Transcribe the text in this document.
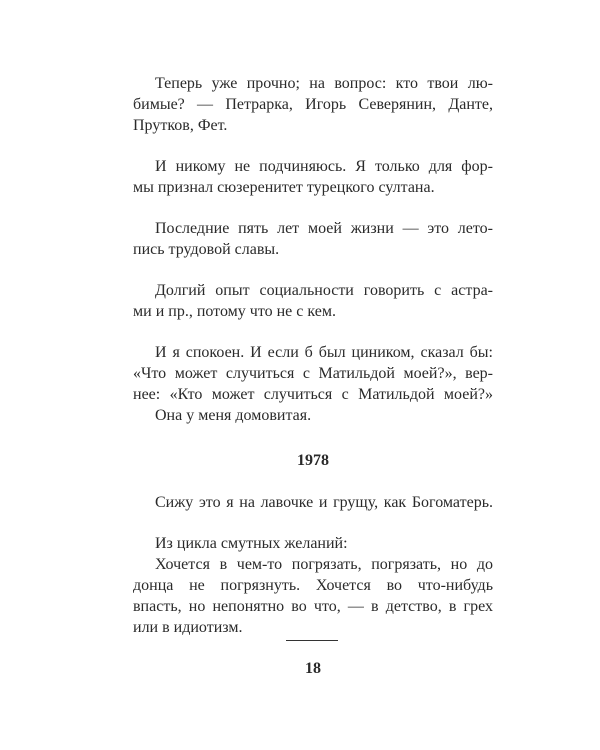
Теперь уже прочно; на вопрос: кто твои лю-
бимые? — Петрарка, Игорь Северянин, Данте,
Прутков, Фет.
И никому не подчиняюсь. Я только для фор-
мы признал сюзеренитет турецкого султана.
Последние пять лет моей жизни — это лето-
пись трудовой славы.
Долгий опыт социальности говорить с астра-
ми и пр., потому что не с кем.
И я спокоен. И если б был циником, сказал бы:
«Что может случиться с Матильдой моей?», вер-
нее: «Кто может случиться с Матильдой моей?»
Она у меня домовитая.
1978
Сижу это я на лавочке и грущу, как Богоматерь.
Из цикла смутных желаний:
Хочется в чем-то погрязать, погрязать, но до
донца не погрязнуть. Хочется во что-нибудь
впасть, но непонятно во что, — в детство, в грех
или в идиотизм.
18
